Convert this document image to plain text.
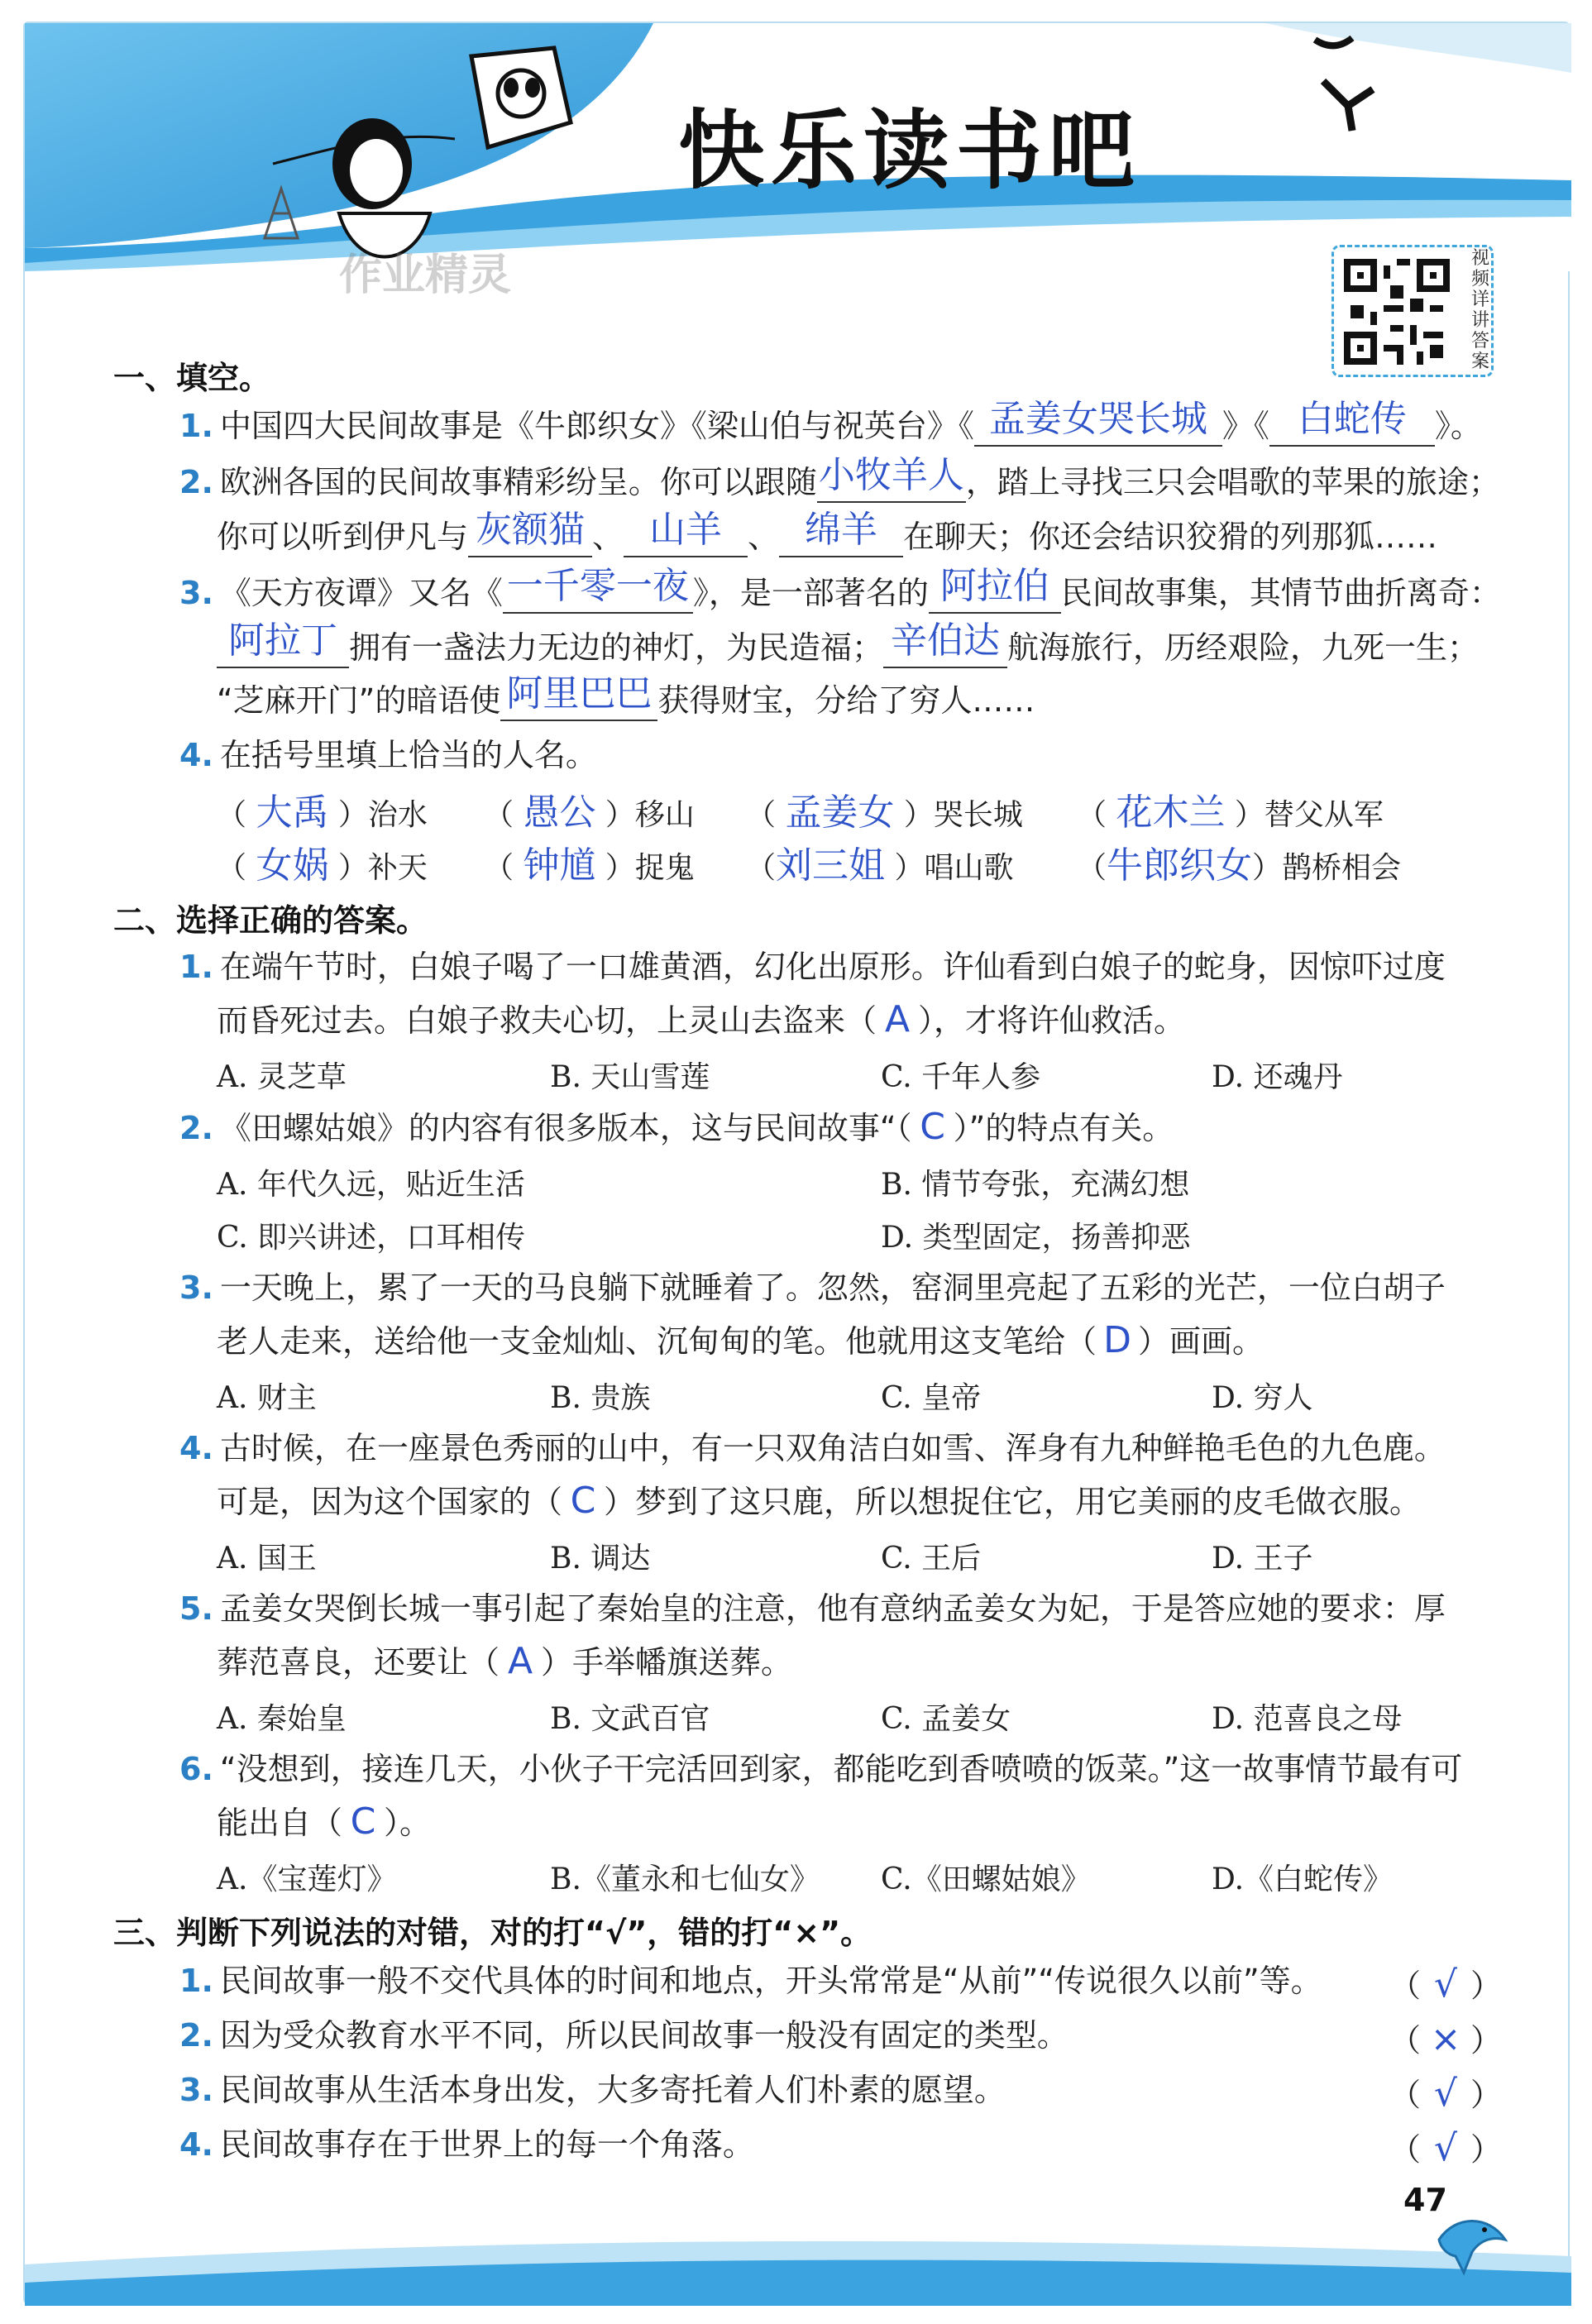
快乐读书吧
作业精灵	视频详讲答案
一、填空。
1. 中国四大民间故事是《牛郎织女》《梁山伯与祝英台》《 孟姜女哭长城 》《 白蛇传 》。
2. 欧洲各国的民间故事精彩纷呈。你可以跟随 小牧羊人 ，踏上寻找三只会唱歌的苹果的旅途；
你可以听到伊凡与 灰额猫 、 山羊 、 绵羊 在聊天；你还会结识狡猾的列那狐……
3. 《天方夜谭》又名《 一千零一夜 》，是一部著名的 阿拉伯 民间故事集，其情节曲折离奇：
阿拉丁 拥有一盏法力无边的神灯，为民造福； 辛伯达 航海旅行，历经艰险，九死一生；
“芝麻开门”的暗语使 阿里巴巴 获得财宝，分给了穷人……
4. 在括号里填上恰当的人名。
（ 大禹 ）治水 （ 愚公 ）移山 （ 孟姜女 ）哭长城 （ 花木兰 ）替父从军
（ 女娲 ）补天 （ 钟馗 ）捉鬼 （刘三姐 ）唱山歌 （牛郎织女）鹊桥相会
二、选择正确的答案。
1. 在端午节时，白娘子喝了一口雄黄酒，幻化出原形。许仙看到白娘子的蛇身，因惊吓过度
而昏死过去。白娘子救夫心切，上灵山去盗来（ A ），才将许仙救活。
A. 灵芝草	B. 天山雪莲	C. 千年人参	D. 还魂丹
2. 《田螺姑娘》的内容有很多版本，这与民间故事“（ C ）”的特点有关。
A. 年代久远，贴近生活	B. 情节夸张，充满幻想
C. 即兴讲述，口耳相传	D. 类型固定，扬善抑恶
3. 一天晚上，累了一天的马良躺下就睡着了。忽然，窑洞里亮起了五彩的光芒，一位白胡子
老人走来，送给他一支金灿灿、沉甸甸的笔。他就用这支笔给（ D ）画画。
A. 财主	B. 贵族	C. 皇帝	D. 穷人
4. 古时候，在一座景色秀丽的山中，有一只双角洁白如雪、浑身有九种鲜艳毛色的九色鹿。
可是，因为这个国家的（ C ）梦到了这只鹿，所以想捉住它，用它美丽的皮毛做衣服。
A. 国王	B. 调达	C. 王后	D. 王子
5. 孟姜女哭倒长城一事引起了秦始皇的注意，他有意纳孟姜女为妃，于是答应她的要求：厚
葬范喜良，还要让（ A ）手举幡旗送葬。
A. 秦始皇	B. 文武百官	C. 孟姜女	D. 范喜良之母
6. “没想到，接连几天，小伙子干完活回到家，都能吃到香喷喷的饭菜。”这一故事情节最有可
能出自（ C ）。
A.《宝莲灯》	B.《董永和七仙女》 C.《田螺姑娘》	D.《白蛇传》
三、判断下列说法的对错，对的打“√”，错的打“×”。
1. 民间故事一般不交代具体的时间和地点，开头常常是“从前”“传说很久以前”等。 （ √ ）
2. 因为受众教育水平不同，所以民间故事一般没有固定的类型。	（ × ）
3. 民间故事从生活本身出发，大多寄托着人们朴素的愿望。	（ √ ）
4. 民间故事存在于世界上的每一个角落。	（ √ ）
47
